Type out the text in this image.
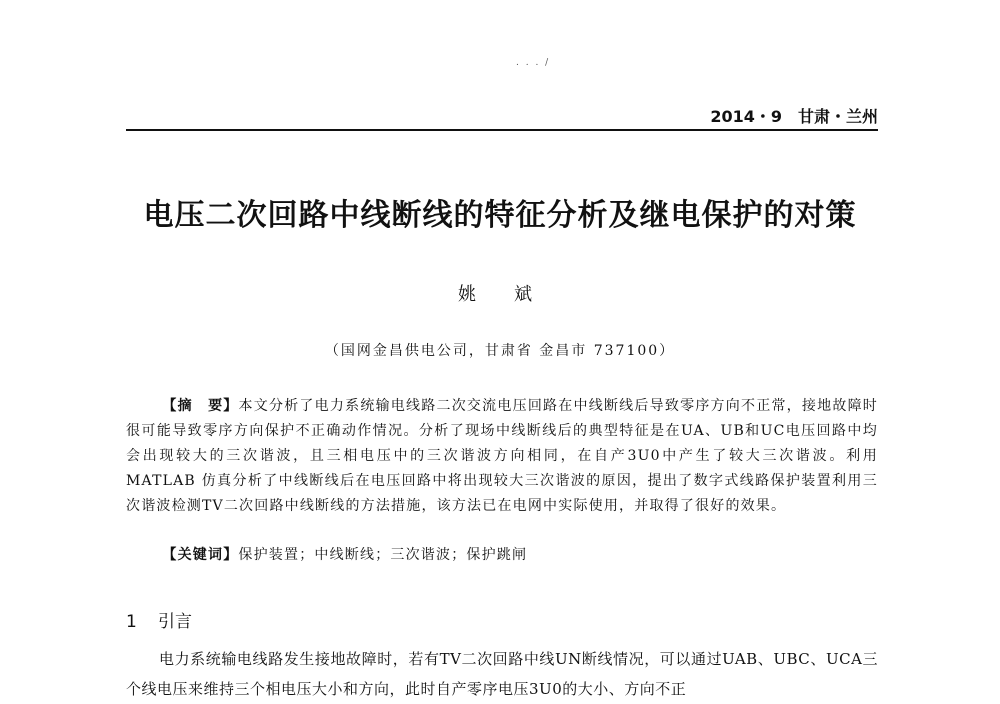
. . . /
2014・9　甘肃・兰州
电压二次回路中线断线的特征分析及继电保护的对策
姚　斌
（国网金昌供电公司，甘肃省 金昌市 737100）
【摘　要】本文分析了电力系统输电线路二次交流电压回路在中线断线后导致零序方向不正常，接地故障时很可能导致零序方向保护不正确动作情况。分析了现场中线断线后的典型特征是在UA、UB和UC电压回路中均会出现较大的三次谐波，且三相电压中的三次谐波方向相同，在自产3U0中产生了较大三次谐波。利用MATLAB 仿真分析了中线断线后在电压回路中将出现较大三次谐波的原因，提出了数字式线路保护装置利用三次谐波检测TV二次回路中线断线的方法措施，该方法已在电网中实际使用，并取得了很好的效果。
【关键词】保护装置；中线断线；三次谐波；保护跳闸
1 引言
电力系统输电线路发生接地故障时，若有TV二次回路中线UN断线情况，可以通过UAB、UBC、UCA三个线电压来维持三个相电压大小和方向，此时自产零序电压3U0的大小、方向不正
